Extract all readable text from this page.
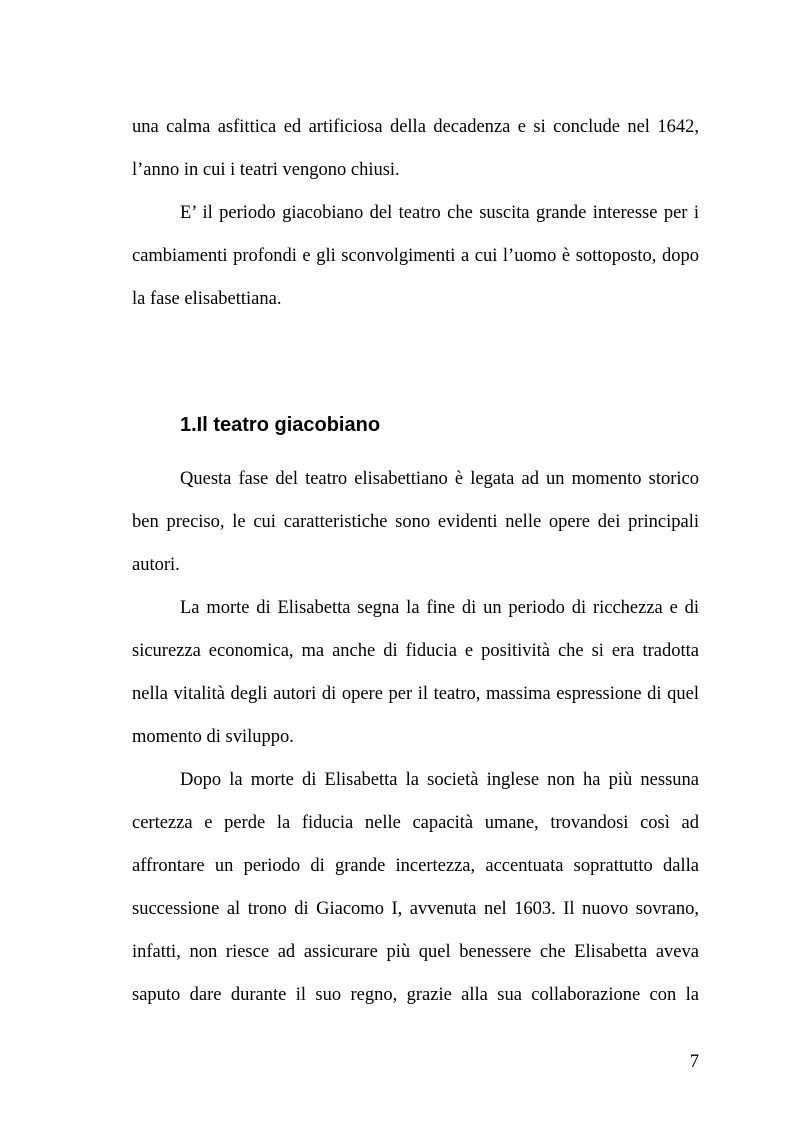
una calma asfittica ed artificiosa della decadenza e si conclude nel 1642,
l’anno in cui i teatri vengono chiusi.
E’ il periodo giacobiano del teatro che suscita grande interesse per i
cambiamenti profondi e gli sconvolgimenti a cui l’uomo è sottoposto, dopo
la fase elisabettiana.
1.Il teatro giacobiano
Questa fase del teatro elisabettiano è legata ad un momento storico
ben preciso, le cui caratteristiche sono evidenti nelle opere dei principali
autori.
La morte di Elisabetta segna la fine di un periodo di ricchezza e di
sicurezza economica, ma anche di fiducia e positività che si era tradotta
nella vitalità degli autori di opere per il teatro, massima espressione di quel
momento di sviluppo.
Dopo la morte di Elisabetta la società inglese non ha più nessuna
certezza e perde la fiducia nelle capacità umane, trovandosi così ad
affrontare un periodo di grande incertezza, accentuata soprattutto dalla
successione al trono di Giacomo I, avvenuta nel 1603. Il nuovo sovrano,
infatti, non riesce ad assicurare più quel benessere che Elisabetta aveva
saputo dare durante il suo regno, grazie alla sua collaborazione con la
7
